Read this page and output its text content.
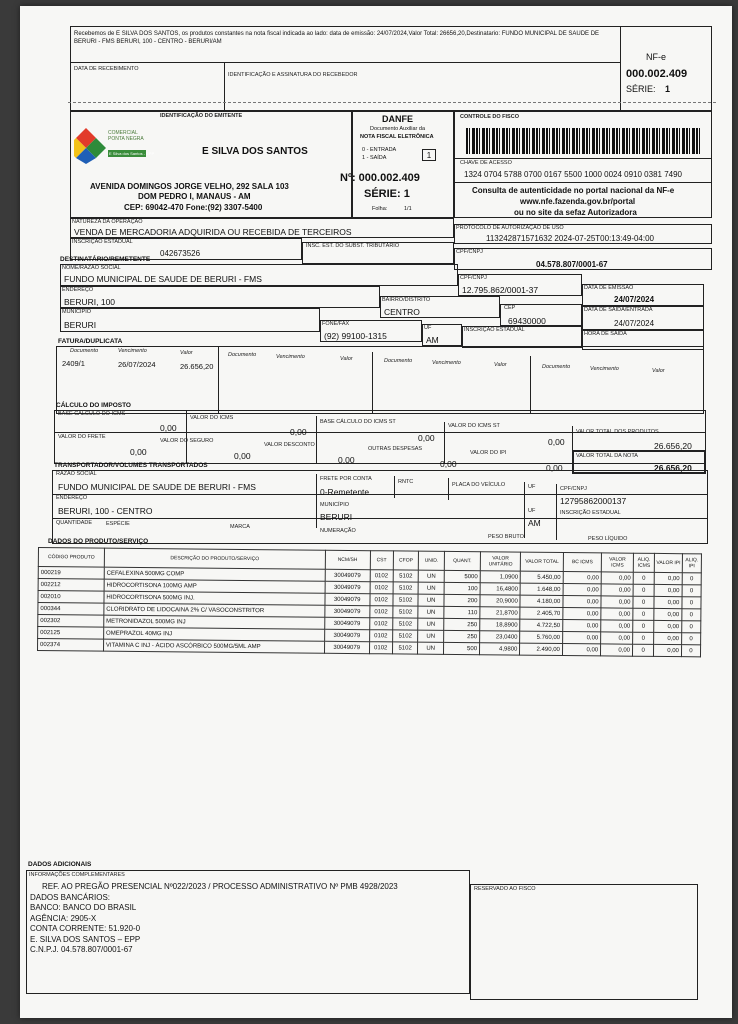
Recebemos de E SILVA DOS SANTOS, os produtos constantes na nota fiscal indicada ao lado: data de emissão: 24/07/2024,Valor Total: 26656,20,Destinatario: FUNDO MUNICIPAL DE SAUDE DE BERURI - FMS BERURI, 100 - CENTRO - BERURI/AM
DATA DE RECEBIMENTO
IDENTIFICAÇÃO E ASSINATURA DO RECEBEDOR
NF-e
000.002.409
SÉRIE: 1
IDENTIFICAÇÃO DO EMITENTE
COMERCIAL PONTA NEGRA
E Silva dos Santos - EPP	E SILVA DOS SANTOS
AVENIDA DOMINGOS JORGE VELHO, 292 SALA 103
DOM PEDRO I, MANAUS - AM
CEP: 69042-470 Fone:(92) 3307-5400
DANFE
Documento Auxiliar da
NOTA FISCAL ELETRÔNICA
0 - ENTRADA
1 - SAÍDA	1
Nº: 000.002.409
SÉRIE: 1
Folha:	1/1
CONTROLE DO FISCO
CHAVE DE ACESSO
1324 0704 5788 0700 0167 5500 1000 0024 0910 0381 7490
Consulta de autenticidade no portal nacional da NF-e
www.nfe.fazenda.gov.br/portal
ou no site da sefaz Autorizadora
NATUREZA DA OPERAÇÃO
VENDA DE MERCADORIA ADQUIRIDA OU RECEBIDA DE TERCEIROS	PROTOCOLO DE AUTORIZAÇÃO DE USO
113242871571632 2024-07-25T00:13:49-04:00
INSCRIÇÃO ESTADUAL
042673526
INSC. EST. DO SUBST. TRIBUTÁRIO
CPF/CNPJ
04.578.807/0001-67
DESTINATÁRIO/REMETENTE
NOME/RAZÃO SOCIAL
FUNDO MUNICIPAL DE SAUDE DE BERURI - FMS	CPF/CNPJ
12.795.862/0001-37	DATA DE EMISSÃO
24/07/2024
ENDEREÇO
BERURI, 100	BAIRRO/DISTRITO
CENTRO	CEP
69430000
DATA DE SAÍDA/ENTRADA
24/07/2024
MUNICÍPIO
BERURI	FONE/FAX
(92) 99100-1315
UF
AM
INSCRIÇÃO ESTADUAL
HORA DE SAÍDA
FATURA/DUPLICATA
Documento	Vencimento	Valor
2409/1	26/07/2024	26.656,20
Documento	Vencimento	Valor	Documento	Vencimento	Valor	Documento	Vencimento	Valor
CÁLCULO DO IMPOSTO
BASE CÁLCULO DO ICMS
0,00
VALOR DO ICMS
0,00
BASE CÁLCULO DO ICMS ST
0,00
VALOR DO ICMS ST
0,00
VALOR TOTAL DOS PRODUTOS
26.656,20
VALOR DO FRETE
0,00
VALOR DO SEGURO
0,00
VALOR DESCONTO
0,00
OUTRAS DESPESAS
0,00
VALOR DO IPI
0,00
VALOR TOTAL DA NOTA
26.656,20
TRANSPORTADOR/VOLUMES TRANSPORTADOS
RAZÃO SOCIAL
FUNDO MUNICIPAL DE SAUDE DE BERURI - FMS
FRETE POR CONTA
0-Remetente
RNTC	PLACA DO VEÍCULO	UF	CPF/CNPJ
12795862000137
ENDEREÇO
BERURI, 100 - CENTRO
MUNICÍPIO
BERURI
UF
AM
INSCRIÇÃO ESTADUAL
QUANTIDADE	ESPÉCIE	MARCA
NUMERAÇÃO
PESO BRUTO	PESO LÍQUIDO
DADOS DO PRODUTO/SERVIÇO
CÓDIGO PRODUTO	DESCRIÇÃO DO PRODUTO/SERVIÇO	NCM/SH	CST	CFOP	UNID.	QUANT.	VALOR UNITÁRIO	VALOR TOTAL	BC ICMS	VALOR ICMS	ALIQ. ICMS	VALOR IPI	ALIQ. IPI
000219	CEFALEXINA 500MG COMP	30049079	0102	5102	UN	5000	1,0900	5.450,00	0,00	0,00	0	0,00	0
002212	HIDROCORTISONA 100MG AMP	30049079	0102	5102	UN	100	16,4800	1.648,00	0,00	0,00	0	0,00	0
002010	HIDROCORTISONA 500MG INJ.	30049079	0102	5102	UN	200	20,9000	4.180,00	0,00	0,00	0	0,00	0
000344	CLORIDRATO DE LIDOCAINA 2% C/ VASOCONSTRITOR	30049079	0102	5102	UN	110	21,8700	2.405,70	0,00	0,00	0	0,00	0
002302	METRONIDAZOL 500MG INJ	30049079	0102	5102	UN	250	18,8900	4.722,50	0,00	0,00	0	0,00	0
002125	OMEPRAZOL 40MG INJ	30049079	0102	5102	UN	250	23,0400	5.760,00	0,00	0,00	0	0,00	0
002374	VITAMINA C INJ - ÁCIDO ASCÓRBICO 500MG/5ML AMP	30049079	0102	5102	UN	500	4,9800	2.490,00	0,00	0,00	0	0,00	0
DADOS ADICIONAIS
INFORMAÇÕES COMPLEMENTARES
REF. AO PREGÃO PRESENCIAL Nº022/2023 / PROCESSO ADMINISTRATIVO Nº PMB 4928/2023
DADOS BANCÁRIOS:
BANCO: BANCO DO BRASIL
AGÊNCIA: 2905-X
CONTA CORRENTE: 51.920-0
E. SILVA DOS SANTOS – EPP
C.N.P.J. 04.578.807/0001-67
RESERVADO AO FISCO
